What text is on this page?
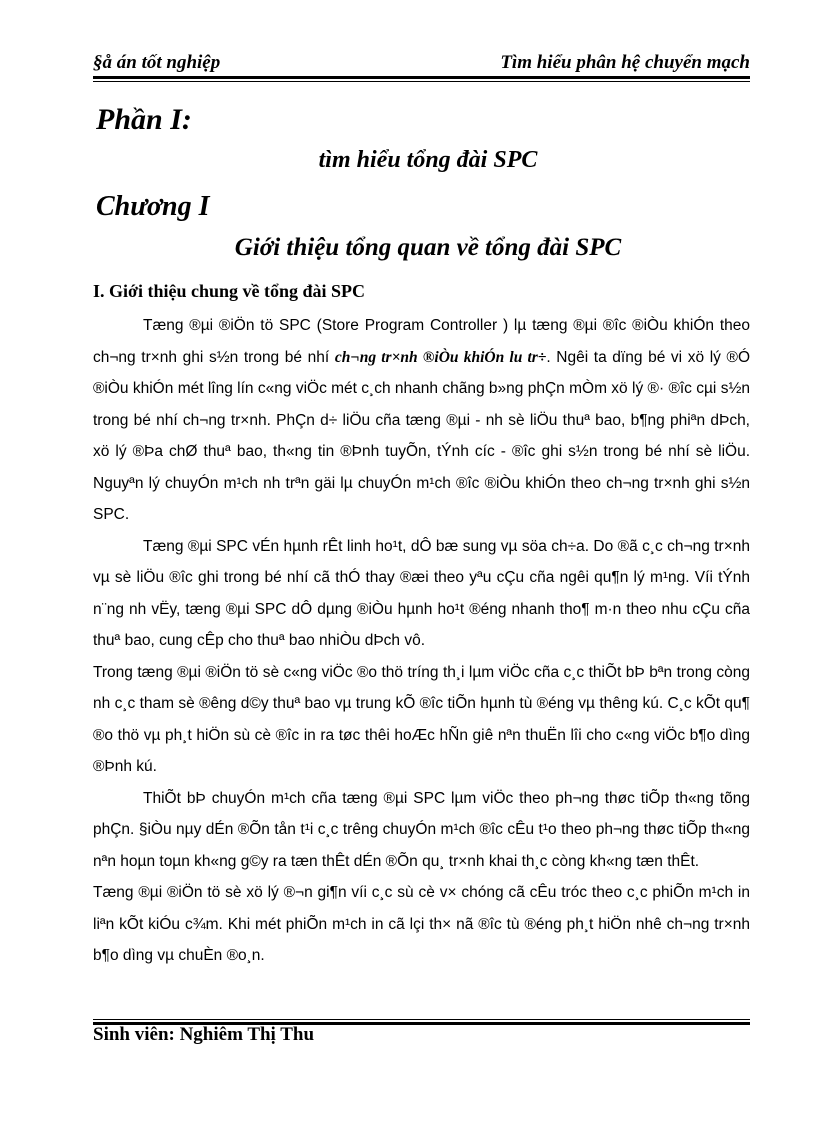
§å án tốt nghiệp	Tìm hiểu phân hệ chuyển mạch
Phần I:
tìm hiểu tổng đài SPC
Chương I
Giới thiệu tổng quan về tổng đài SPC
I. Giới thiệu chung về tổng đài SPC

Tæng ®µi ®iÖn tö SPC (Store Program Controller ) lµ tæng ®µi ®îc ®iÒu khiÓn theo ch¬ng tr×nh ghi s½n trong bé nhí ch¬ng tr×nh ®iÒu khiÓn lu tr÷. Ngêi ta dïng bé vi xö lý ®Ó ®iÒu khiÓn mét lîng lín c«ng viÖc mét c¸ch nhanh chãng b»ng phÇn mÒm xö lý ®· ®îc cµi s½n trong bé nhí ch¬ng tr×nh. PhÇn d÷ liÖu cña tæng ®µi - nh sè liÖu thuª bao, b¶ng phiªn dÞch, xö lý ®Þa chØ thuª bao, th«ng tin ®Þnh tuyÕn, tÝnh cíc - ®îc ghi s½n trong bé nhí sè liÖu. Nguyªn lý chuyÓn m¹ch nh trªn gäi lµ chuyÓn m¹ch ®îc ®iÒu khiÓn theo ch¬ng tr×nh ghi s½n SPC.

Tæng ®µi SPC vÉn hµnh rÊt linh ho¹t, dÔ bæ sung vµ söa ch÷a. Do ®ã c¸c ch¬ng tr×nh vµ sè liÖu ®îc ghi trong bé nhí cã thÓ thay ®æi theo yªu cÇu cña ngêi qu¶n lý m¹ng. Víi tÝnh n¨ng nh vËy, tæng ®µi SPC dÔ dµng ®iÒu hµnh ho¹t ®éng nhanh tho¶ m·n theo nhu cÇu cña thuª bao, cung cÊp cho thuª bao nhiÒu dÞch vô.

Trong tæng ®µi ®iÖn tö sè c«ng viÖc ®o thö tríng th¸i lµm viÖc cña c¸c thiÕt bÞ bªn trong còng nh c¸c tham sè ®êng d©y thuª bao vµ trung kÕ ®îc tiÕn hµnh tù ®éng vµ thêng kú. C¸c kÕt qu¶ ®o thö vµ ph¸t hiÖn sù cè ®îc in ra tøc thêi hoÆc hÑn giê nªn thuËn lîi cho c«ng viÖc b¶o dìng ®Þnh kú.

ThiÕt bÞ chuyÓn m¹ch cña tæng ®µi SPC lµm viÖc theo ph¬ng thøc tiÕp th«ng tõng phÇn. §iÒu nµy dÉn ®Õn tån t¹i c¸c trêng chuyÓn m¹ch ®îc cÊu t¹o theo ph¬ng thøc tiÕp th«ng nªn hoµn toµn kh«ng g©y ra tæn thÊt dÉn ®Õn qu¸ tr×nh khai th¸c còng kh«ng tæn thÊt.

Tæng ®µi ®iÖn tö sè xö lý ®¬n gi¶n víi c¸c sù cè v× chóng cã cÊu tróc theo c¸c phiÕn m¹ch in liªn kÕt kiÓu c¾m. Khi mét phiÕn m¹ch in cã lçi th× nã ®îc tù ®éng ph¸t hiÖn nhê ch¬ng tr×nh b¶o dìng vµ chuÈn ®o¸n.

Sinh viên: Nghiêm Thị Thu
